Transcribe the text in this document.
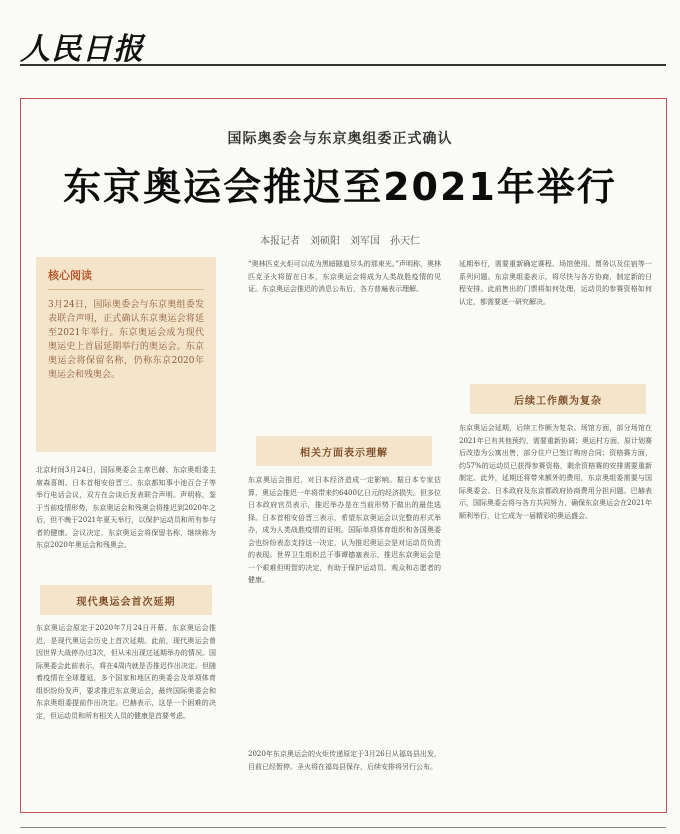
人民日报
国际奥委会与东京奥组委正式确认
东京奥运会推迟至2021年举行
本报记者　刘硕阳　刘军国　孙天仁
核心阅读
3月24日，国际奥委会与东京奥组委发表联合声明，正式确认东京奥运会将延至2021年举行。东京奥运会成为现代奥运史上首届延期举行的奥运会。东京奥运会将保留名称，仍称东京2020年奥运会和残奥会。
北京时间3月24日，国际奥委会主席巴赫、东京奥组委主席森喜朗、日本首相安倍晋三、东京都知事小池百合子等举行电话会议，双方在会谈后发表联合声明。声明称，鉴于当前疫情形势，东京奥运会和残奥会将推迟到2020年之后，但不晚于2021年夏天举行，以保护运动员和所有参与者的健康。会议决定，东京奥运会将保留名称，继续称为东京2020年奥运会和残奥会。
现代奥运会首次延期
东京奥运会原定于2020年7月24日开幕。东京奥运会推迟，是现代奥运会历史上首次延期。此前，现代奥运会曾因世界大战停办过3次，但从未出现过延期举办的情况。国际奥委会此前表示，将在4周内就是否推迟作出决定。但随着疫情在全球蔓延，多个国家和地区的奥委会及单项体育组织纷纷发声，要求推迟东京奥运会，最终国际奥委会和东京奥组委提前作出决定。巴赫表示，这是一个困难的决定，但运动员和所有相关人员的健康是首要考虑。
“奥林匹克火炬可以成为黑暗隧道尽头的那束光。”声明称，奥林匹克圣火将留在日本，东京奥运会将成为人类战胜疫情的见证。东京奥运会推迟的消息公布后，各方普遍表示理解。
相关方面表示理解
东京奥运会推迟，对日本经济造成一定影响。据日本专家估算，奥运会推迟一年将带来约6400亿日元的经济损失。但多位日本政府官员表示，推迟举办是在当前形势下做出的最佳选择。日本首相安倍晋三表示，希望东京奥运会以完整的形式举办，成为人类战胜疫情的证明。国际单项体育组织和各国奥委会也纷纷表态支持这一决定，认为推迟奥运会是对运动员负责的表现。世界卫生组织总干事谭德塞表示，推迟东京奥运会是一个艰难但明智的决定，有助于保护运动员、观众和志愿者的健康。
2020年东京奥运会的火炬传递原定于3月26日从福岛县出发，目前已经暂停。圣火将在福岛县保存，后续安排将另行公布。
延期举行，需要重新确定赛程、场馆使用、票务以及住宿等一系列问题。东京奥组委表示，将尽快与各方协商，制定新的日程安排。此前售出的门票将如何处理，运动员的参赛资格如何认定，都需要逐一研究解决。
后续工作颇为复杂
东京奥运会延期，后续工作颇为复杂。场馆方面，部分场馆在2021年已有其他预约，需要重新协调；奥运村方面，原计划赛后改造为公寓出售，部分住户已签订购房合同；资格赛方面，约57%的运动员已获得参赛资格，剩余资格赛的安排需要重新制定。此外，延期还将带来额外的费用，东京奥组委需要与国际奥委会、日本政府及东京都政府协商费用分担问题。巴赫表示，国际奥委会将与各方共同努力，确保东京奥运会在2021年顺利举行，让它成为一届精彩的奥运盛会。
